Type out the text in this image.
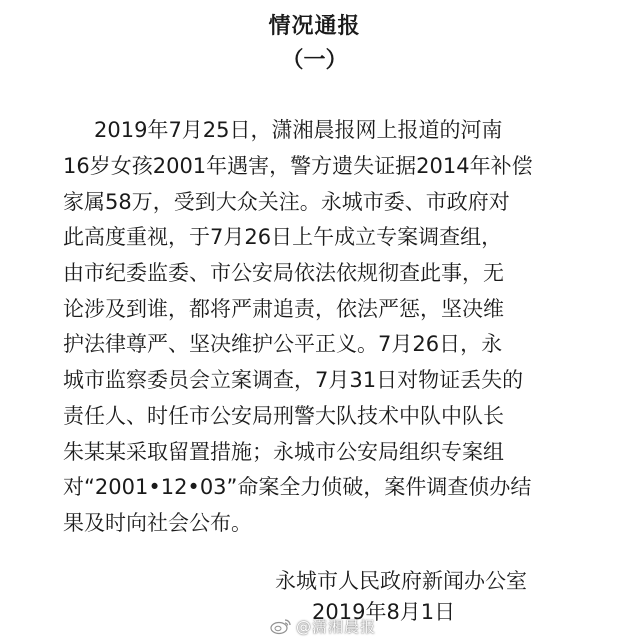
情况通报
（一）
2019年7月25日，潇湘晨报网上报道的河南
16岁女孩2001年遇害，警方遗失证据2014年补偿
家属58万，受到大众关注。永城市委、市政府对
此高度重视，于7月26日上午成立专案调查组，
由市纪委监委、市公安局依法依规彻查此事，无
论涉及到谁，都将严肃追责，依法严惩，坚决维
护法律尊严、坚决维护公平正义。7月26日，永
城市监察委员会立案调查，7月31日对物证丢失的
责任人、时任市公安局刑警大队技术中队中队长
朱某某采取留置措施；永城市公安局组织专案组
对“2001•12•03”命案全力侦破，案件调查侦办结
果及时向社会公布。
永城市人民政府新闻办公室
2019年8月1日
@潇湘晨报
